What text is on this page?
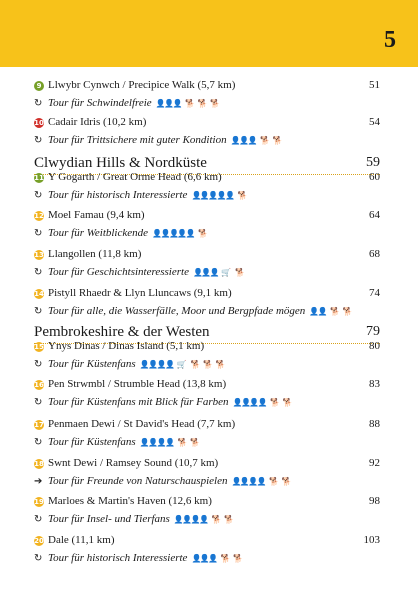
5
9 Llwybr Cynwch / Precipice Walk (5,7 km)	51
↻ Tour für Schwindelfreie 👤👤👤 🐕 🐕 🐕
10 Cadair Idris (10,2 km)	54
↻ Tour für Trittsichere mit guter Kondition 👤👤👤 🐕 🐕
Clwydian Hills & Nordküste	59
11 Y Gogarth / Great Orme Head (6,6 km)	60
↻ Tour für historisch Interessierte 👤👤👤👤👤 🐕
12 Moel Famau (9,4 km)	64
↻ Tour für Weitblickende 👤👤👤👤👤 🐕
13 Llangollen (11,8 km)	68
↻ Tour für Geschichtsinteressierte 👤👤👤 🛒 🐕
14 Pistyll Rhaedr & Llyn Lluncaws (9,1 km)	74
↻ Tour für alle, die Wasserfälle, Moor und Bergpfade mögen 👤👤 🐕 🐕
Pembrokeshire & der Westen	79
15 Ynys Dinas / Dinas Island (5,1 km)	80
↻ Tour für Küstenfans 👤👤👤👤 🛒 🐕 🐕 🐕
16 Pen Strwmbl / Strumble Head (13,8 km)	83
↻ Tour für Küstenfans mit Blick für Farben 👤👤👤👤 🐕 🐕
17 Penmaen Dewi / St David's Head (7,7 km)	88
↻ Tour für Küstenfans 👤👤👤👤 🐕 🐕
18 Swnt Dewi / Ramsey Sound (10,7 km)	92
➔ Tour für Freunde von Naturschauspielen 👤👤👤👤 🐕 🐕
19 Marloes & Martin's Haven (12,6 km)	98
↻ Tour für Insel- und Tierfans 👤👤👤👤 🐕 🐕
20 Dale (11,1 km)	103
↻ Tour für historisch Interessierte 👤👤👤 🐕 🐕
